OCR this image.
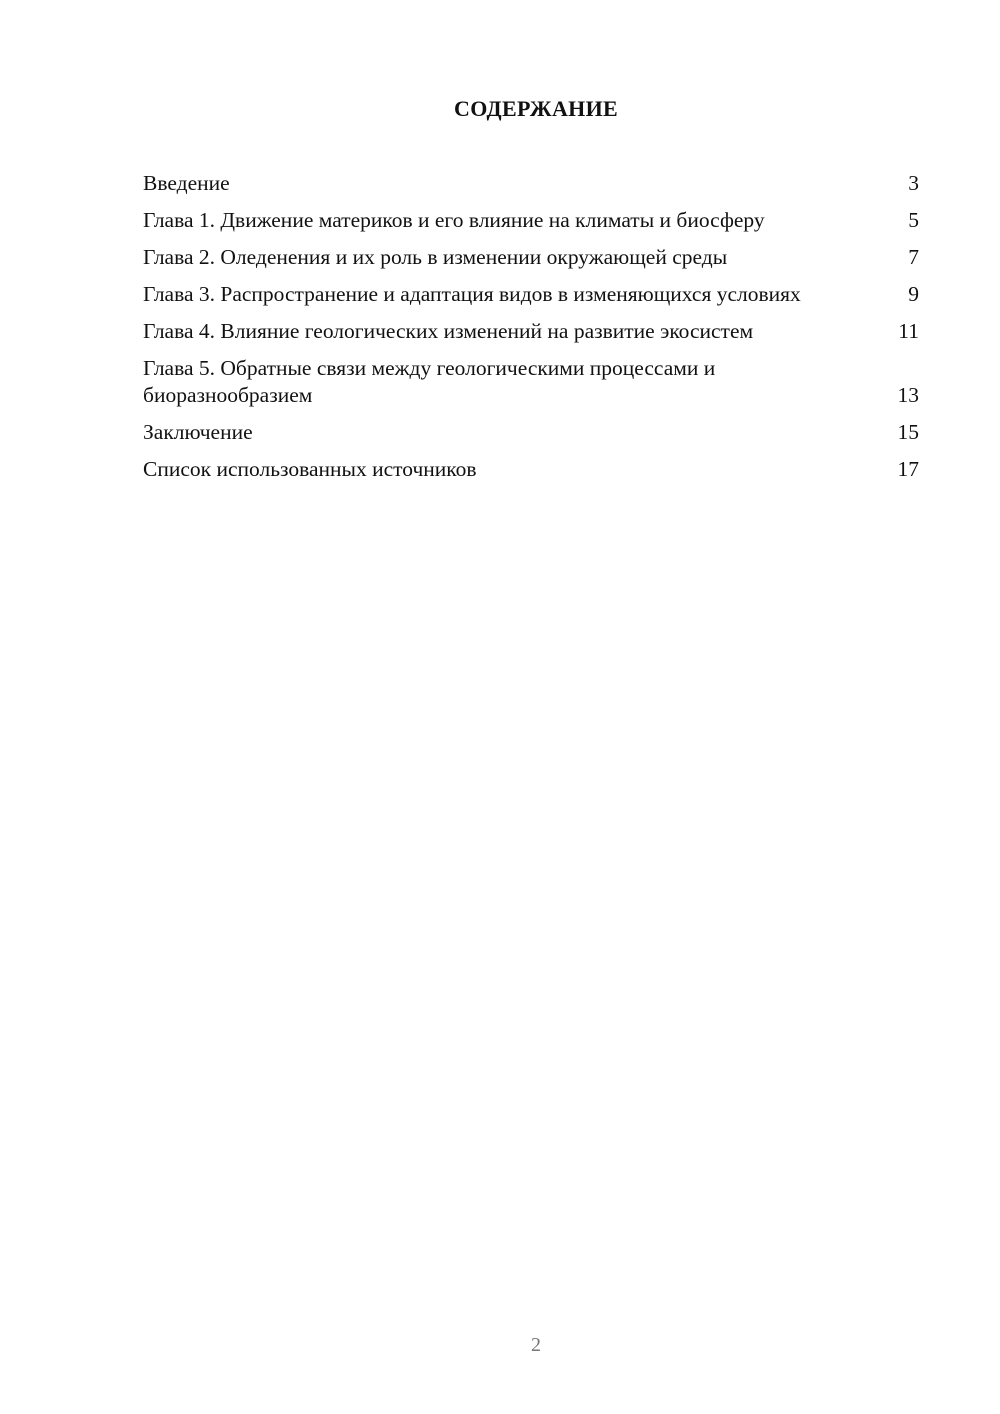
СОДЕРЖАНИЕ
Введение	3
Глава 1. Движение материков и его влияние на климаты и биосферу	5
Глава 2. Оледенения и их роль в изменении окружающей среды	7
Глава 3. Распространение и адаптация видов в изменяющихся условиях	9
Глава 4. Влияние геологических изменений на развитие экосистем	11
Глава 5. Обратные связи между геологическими процессами и биоразнообразием	13
Заключение	15
Список использованных источников	17
2
